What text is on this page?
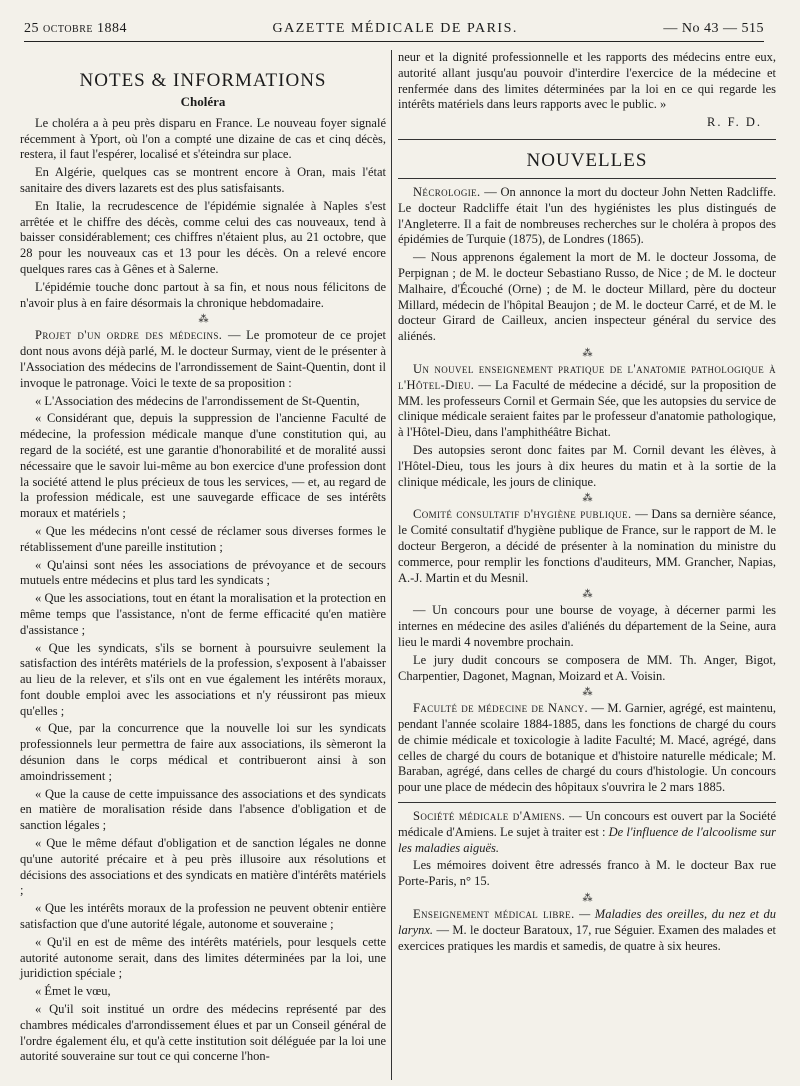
25 octobre 1884	GAZETTE MÉDICALE DE PARIS.	— No 43 — 515
NOTES & INFORMATIONS
Choléra

Le choléra a à peu près disparu en France. Le nouveau foyer signalé récemment à Yport, où l'on a compté une dizaine de cas et cinq décès, restera, il faut l'espérer, localisé et s'éteindra sur place.

En Algérie, quelques cas se montrent encore à Oran, mais l'état sanitaire des divers lazarets est des plus satisfaisants.

En Italie, la recrudescence de l'épidémie signalée à Naples s'est arrêtée et le chiffre des décès, comme celui des cas nouveaux, tend à baisser considérablement; ces chiffres n'étaient plus, au 21 octobre, que 28 pour les nouveaux cas et 13 pour les décès. On a relevé encore quelques rares cas à Gênes et à Salerne.

L'épidémie touche donc partout à sa fin, et nous nous félicitons de n'avoir plus à en faire désormais la chronique hebdomadaire.

⁂

Projet d'un ordre des médecins. — Le promoteur de ce projet dont nous avons déjà parlé, M. le docteur Surmay, vient de le présenter à l'Association des médecins de l'arrondissement de Saint-Quentin, dont il invoque le patronage. Voici le texte de sa proposition :

« L'Association des médecins de l'arrondissement de St-Quentin,

« Considérant que, depuis la suppression de l'ancienne Faculté de médecine, la profession médicale manque d'une constitution qui, au regard de la société, est une garantie d'honorabilité et de moralité aussi nécessaire que le savoir lui-même au bon exercice d'une profession dont la société attend le plus précieux de tous les services, — et, au regard de la profession médicale, est une sauvegarde efficace de ses intérêts moraux et matériels ;

« Que les médecins n'ont cessé de réclamer sous diverses formes le rétablissement d'une pareille institution ;

« Qu'ainsi sont nées les associations de prévoyance et de secours mutuels entre médecins et plus tard les syndicats ;

« Que les associations, tout en étant la moralisation et la protection en même temps que l'assistance, n'ont de ferme efficacité qu'en matière d'assistance ;

« Que les syndicats, s'ils se bornent à poursuivre seulement la satisfaction des intérêts matériels de la profession, s'exposent à l'abaisser au lieu de la relever, et s'ils ont en vue également les intérêts moraux, font double emploi avec les associations et n'y réussiront pas mieux qu'elles ;

« Que, par la concurrence que la nouvelle loi sur les syndicats professionnels leur permettra de faire aux associations, ils sèmeront la désunion dans le corps médical et contribueront ainsi à son amoindrissement ;

« Que la cause de cette impuissance des associations et des syndicats en matière de moralisation réside dans l'absence d'obligation et de sanction légales ;

« Que le même défaut d'obligation et de sanction légales ne donne qu'une autorité précaire et à peu près illusoire aux résolutions et décisions des associations et des syndicats en matière d'intérêts matériels ;

« Que les intérêts moraux de la profession ne peuvent obtenir entière satisfaction que d'une autorité légale, autonome et souveraine ;

« Qu'il en est de même des intérêts matériels, pour lesquels cette autorité autonome serait, dans des limites déterminées par la loi, une juridiction spéciale ;

« Émet le vœu,

« Qu'il soit institué un ordre des médecins représenté par des chambres médicales d'arrondissement élues et par un Conseil général de l'ordre également élu, et qu'à cette institution soit déléguée par la loi une autorité souveraine sur tout ce qui concerne l'hon-

neur et la dignité professionnelle et les rapports des médecins entre eux, autorité allant jusqu'au pouvoir d'interdire l'exercice de la médecine et renfermée dans des limites déterminées par la loi en ce qui regarde les intérêts matériels dans leurs rapports avec le public. »

R. F. D.
NOUVELLES

Nécrologie. — On annonce la mort du docteur John Netten Radcliffe. Le docteur Radcliffe était l'un des hygiénistes les plus distingués de l'Angleterre. Il a fait de nombreuses recherches sur le choléra à propos des épidémies de Turquie (1875), de Londres (1865).

— Nous apprenons également la mort de M. le docteur Jossoma, de Perpignan ; de M. le docteur Sebastiano Russo, de Nice ; de M. le docteur Malhaire, d'Écouché (Orne) ; de M. le docteur Millard, père du docteur Millard, médecin de l'hôpital Beaujon ; de M. le docteur Carré, et de M. le docteur Girard de Cailleux, ancien inspecteur général du service des aliénés.

⁂

Un nouvel enseignement pratique de l'anatomie pathologique à l'Hôtel-Dieu. — La Faculté de médecine a décidé, sur la proposition de MM. les professeurs Cornil et Germain Sée, que les autopsies du service de clinique médicale seraient faites par le professeur d'anatomie pathologique, à l'Hôtel-Dieu, dans l'amphithéâtre Bichat.

Des autopsies seront donc faites par M. Cornil devant les élèves, à l'Hôtel-Dieu, tous les jours à dix heures du matin et à la sortie de la clinique médicale, les jours de clinique.

⁂

Comité consultatif d'hygiène publique. — Dans sa dernière séance, le Comité consultatif d'hygiène publique de France, sur le rapport de M. le docteur Bergeron, a décidé de présenter à la nomination du ministre du commerce, pour remplir les fonctions d'auditeurs, MM. Grancher, Napias, A.-J. Martin et du Mesnil.

⁂

— Un concours pour une bourse de voyage, à décerner parmi les internes en médecine des asiles d'aliénés du département de la Seine, aura lieu le mardi 4 novembre prochain.

Le jury dudit concours se composera de MM. Th. Anger, Bigot, Charpentier, Dagonet, Magnan, Moizard et A. Voisin.

⁂

Faculté de médecine de Nancy. — M. Garnier, agrégé, est maintenu, pendant l'année scolaire 1884-1885, dans les fonctions de chargé du cours de chimie médicale et toxicologie à ladite Faculté; M. Macé, agrégé, dans celles de chargé du cours de botanique et d'histoire naturelle médicale; M. Baraban, agrégé, dans celles de chargé du cours d'histologie. Un concours pour une place de médecin des hôpitaux s'ouvrira le 2 mars 1885.

Société médicale d'Amiens. — Un concours est ouvert par la Société médicale d'Amiens. Le sujet à traiter est : De l'influence de l'alcoolisme sur les maladies aiguës.

Les mémoires doivent être adressés franco à M. le docteur Bax rue Porte-Paris, n° 15.

⁂

Enseignement médical libre. — Maladies des oreilles, du nez et du larynx. — M. le docteur Baratoux, 17, rue Séguier. Examen des malades et exercices pratiques les mardis et samedis, de quatre à six heures.
